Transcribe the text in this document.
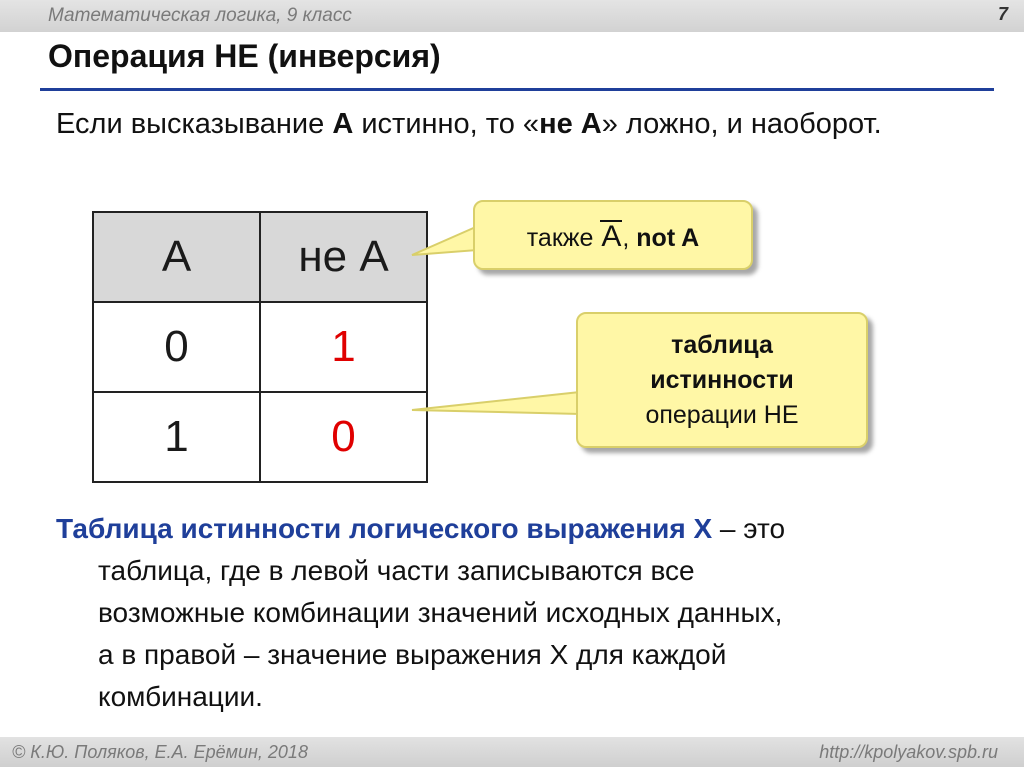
Математическая логика, 9 класс	7
Операция НЕ (инверсия)
Если высказывание A истинно, то «не A» ложно, и наоборот.
A	не A
0	1
1	0
также A, not A
таблица
истинности
операции НЕ
Таблица истинности логического выражения X – это
таблица, где в левой части записываются все
возможные комбинации значений исходных данных,
а в правой – значение выражения X для каждой
комбинации.
© К.Ю. Поляков, Е.А. Ерёмин, 2018	http://kpolyakov.spb.ru
